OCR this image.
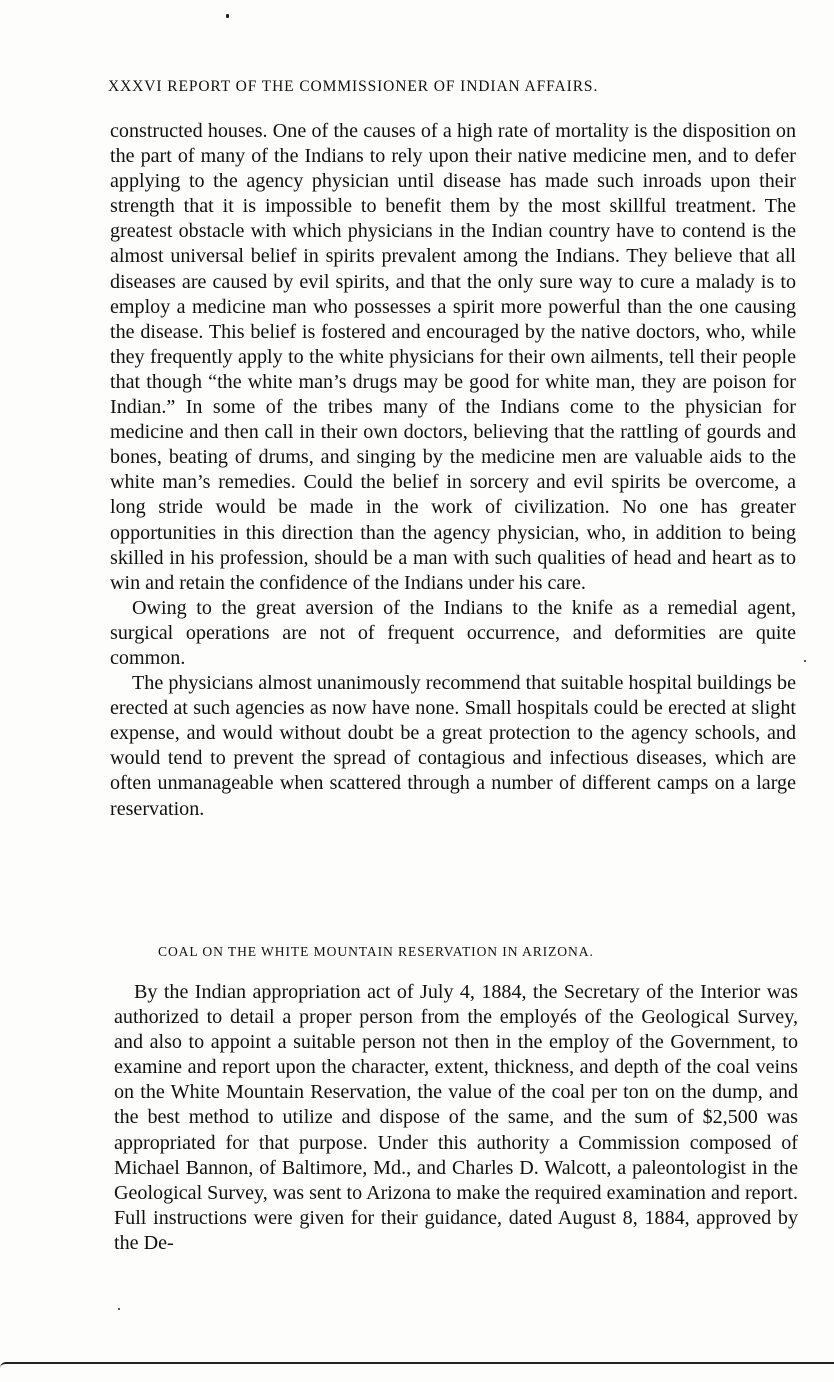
XXXVI REPORT OF THE COMMISSIONER OF INDIAN AFFAIRS.

constructed houses. One of the causes of a high rate of mortality is the disposition on the part of many of the Indians to rely upon their native medicine men, and to defer applying to the agency physician until disease has made such inroads upon their strength that it is impossible to benefit them by the most skillful treatment. The greatest obstacle with which physicians in the Indian country have to contend is the almost universal belief in spirits prevalent among the Indians. They believe that all diseases are caused by evil spirits, and that the only sure way to cure a malady is to employ a medicine man who possesses a spirit more powerful than the one causing the disease. This belief is fostered and encouraged by the native doctors, who, while they frequently apply to the white physicians for their own ailments, tell their people that though “the white man’s drugs may be good for white man, they are poison for Indian.” In some of the tribes many of the Indians come to the physician for medicine and then call in their own doctors, believing that the rattling of gourds and bones, beating of drums, and singing by the medicine men are valuable aids to the white man’s remedies. Could the belief in sorcery and evil spirits be overcome, a long stride would be made in the work of civilization. No one has greater opportunities in this direction than the agency physician, who, in addition to being skilled in his profession, should be a man with such qualities of head and heart as to win and retain the confidence of the Indians under his care.

Owing to the great aversion of the Indians to the knife as a remedial agent, surgical operations are not of frequent occurrence, and deformities are quite common.

The physicians almost unanimously recommend that suitable hospital buildings be erected at such agencies as now have none. Small hospitals could be erected at slight expense, and would without doubt be a great protection to the agency schools, and would tend to prevent the spread of contagious and infectious diseases, which are often unmanageable when scattered through a number of different camps on a large reservation.

COAL ON THE WHITE MOUNTAIN RESERVATION IN ARIZONA.

By the Indian appropriation act of July 4, 1884, the Secretary of the Interior was authorized to detail a proper person from the employés of the Geological Survey, and also to appoint a suitable person not then in the employ of the Government, to examine and report upon the character, extent, thickness, and depth of the coal veins on the White Mountain Reservation, the value of the coal per ton on the dump, and the best method to utilize and dispose of the same, and the sum of $2,500 was appropriated for that purpose. Under this authority a Commission composed of Michael Bannon, of Baltimore, Md., and Charles D. Walcott, a paleontologist in the Geological Survey, was sent to Arizona to make the required examination and report. Full instructions were given for their guidance, dated August 8, 1884, approved by the De-
